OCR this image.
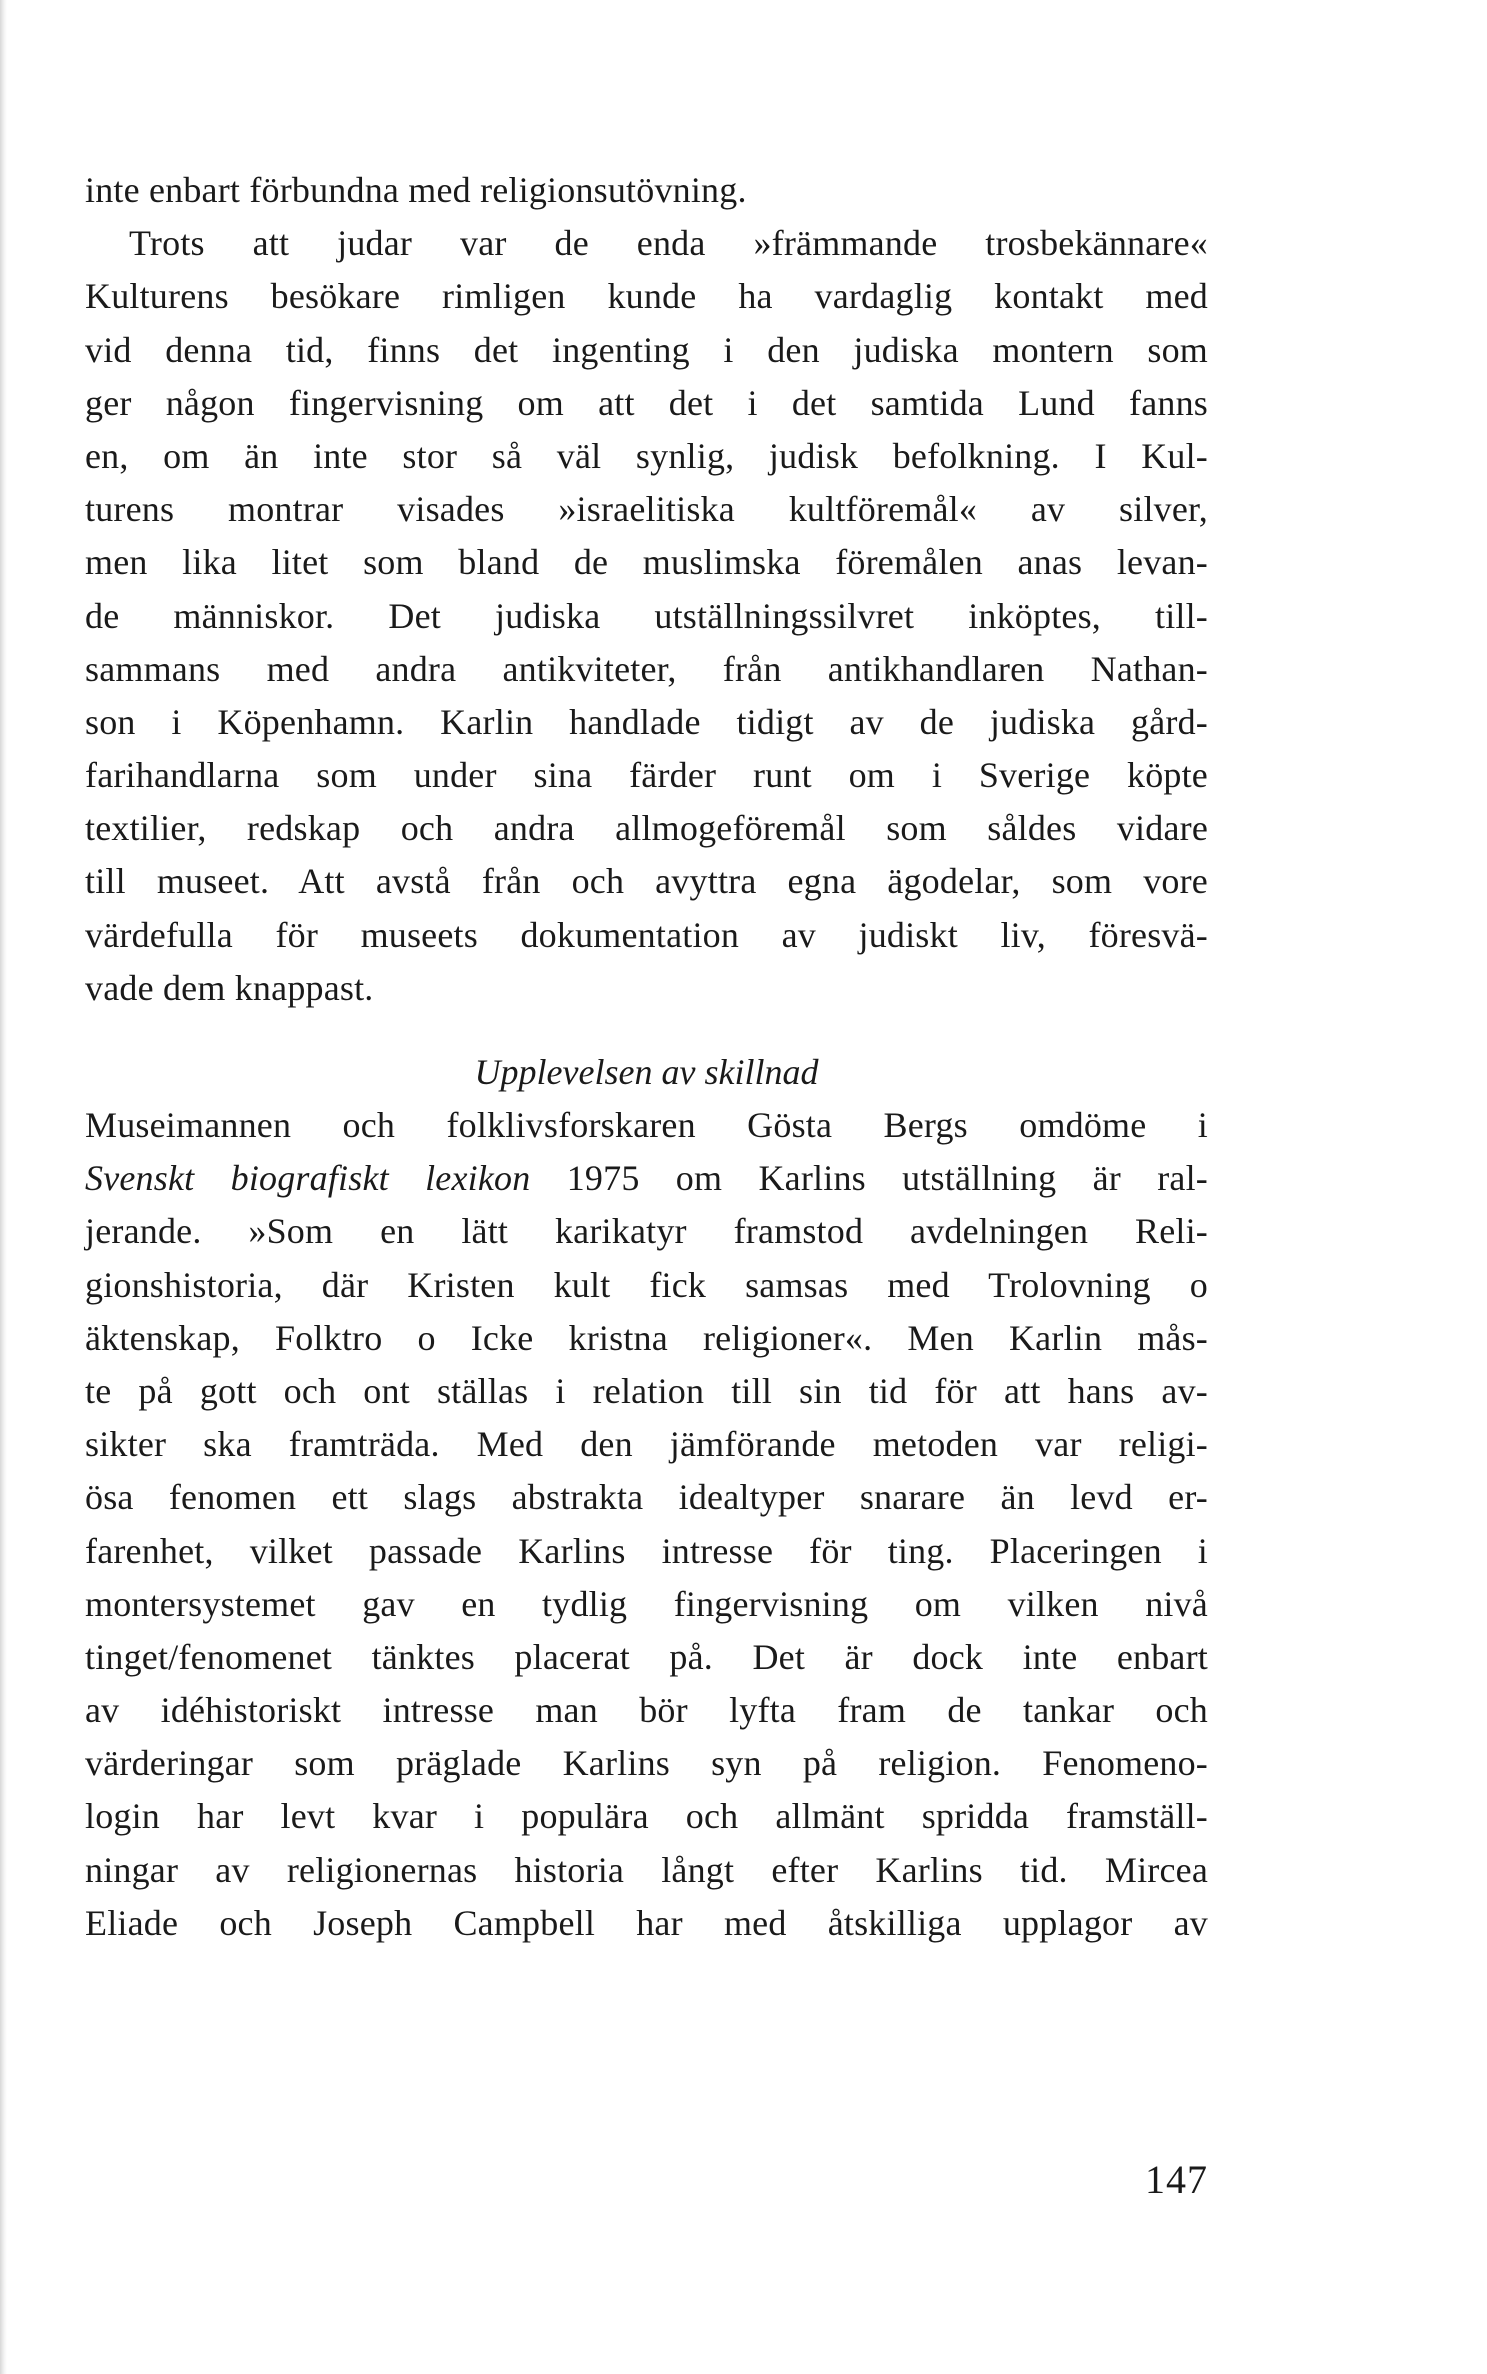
inte enbart förbundna med religionsutövning.
Trots att judar var de enda »främmande trosbekännare«
Kulturens besökare rimligen kunde ha vardaglig kontakt med
vid denna tid, finns det ingenting i den judiska montern som
ger någon fingervisning om att det i det samtida Lund fanns
en, om än inte stor så väl synlig, judisk befolkning. I Kul-
turens montrar visades »israelitiska kultföremål« av silver,
men lika litet som bland de muslimska föremålen anas levan-
de människor. Det judiska utställningssilvret inköptes, till-
sammans med andra antikviteter, från antikhandlaren Nathan-
son i Köpenhamn. Karlin handlade tidigt av de judiska gård-
farihandlarna som under sina färder runt om i Sverige köpte
textilier, redskap och andra allmogeföremål som såldes vidare
till museet. Att avstå från och avyttra egna ägodelar, som vore
värdefulla för museets dokumentation av judiskt liv, föresvä-
vade dem knappast.
Upplevelsen av skillnad
Museimannen och folklivsforskaren Gösta Bergs omdöme i
Svenskt biografiskt lexikon 1975 om Karlins utställning är ral-
jerande. »Som en lätt karikatyr framstod avdelningen Reli-
gionshistoria, där Kristen kult fick samsas med Trolovning o
äktenskap, Folktro o Icke kristna religioner«. Men Karlin mås-
te på gott och ont ställas i relation till sin tid för att hans av-
sikter ska framträda. Med den jämförande metoden var religi-
ösa fenomen ett slags abstrakta idealtyper snarare än levd er-
farenhet, vilket passade Karlins intresse för ting. Placeringen i
montersystemet gav en tydlig fingervisning om vilken nivå
tinget/fenomenet tänktes placerat på. Det är dock inte enbart
av idéhistoriskt intresse man bör lyfta fram de tankar och
värderingar som präglade Karlins syn på religion. Fenomeno-
login har levt kvar i populära och allmänt spridda framställ-
ningar av religionernas historia långt efter Karlins tid. Mircea
Eliade och Joseph Campbell har med åtskilliga upplagor av
147
